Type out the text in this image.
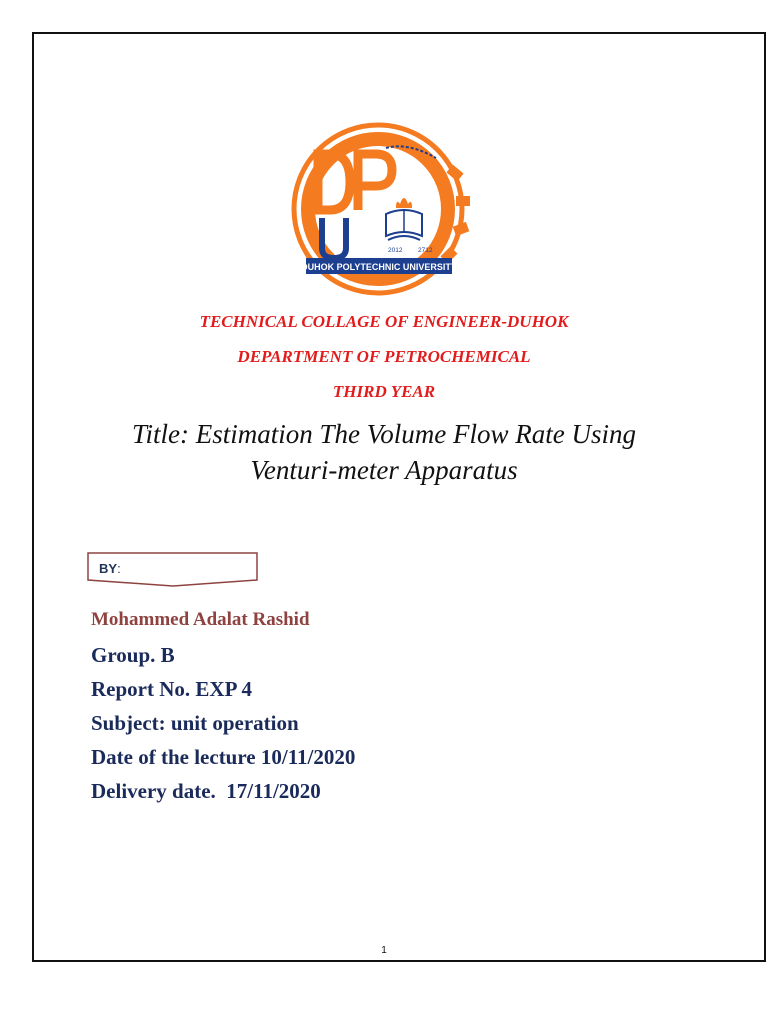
2012 2712
DUHOK POLYTECHNIC UNIVERSITY
TECHNICAL COLLAGE OF ENGINEER-DUHOK
DEPARTMENT OF PETROCHEMICAL
THIRD YEAR
Title: Estimation The Volume Flow Rate Using
Venturi-meter Apparatus
BY:
Mohammed Adalat Rashid
Group. B
Report No. EXP 4
Subject: unit operation
Date of the lecture 10/11/2020
Delivery date.  17/11/2020
1
